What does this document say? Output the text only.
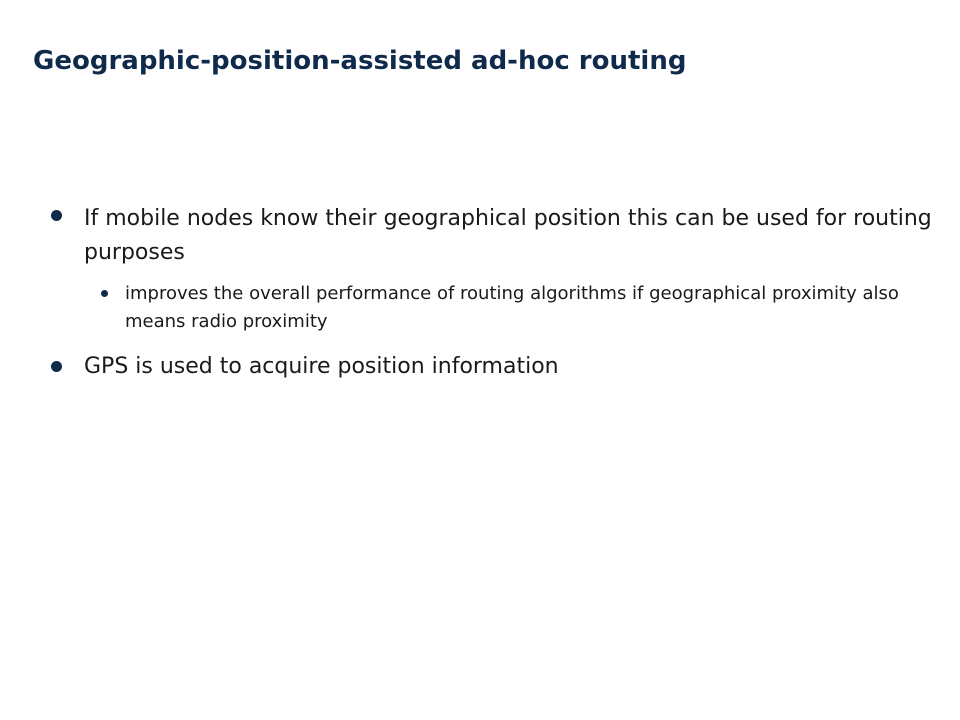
Geographic-position-assisted ad-hoc routing

If mobile nodes know their geographical position this can be used for routing purposes

improves the overall performance of routing algorithms if geographical proximity also means radio proximity

GPS is used to acquire position information
